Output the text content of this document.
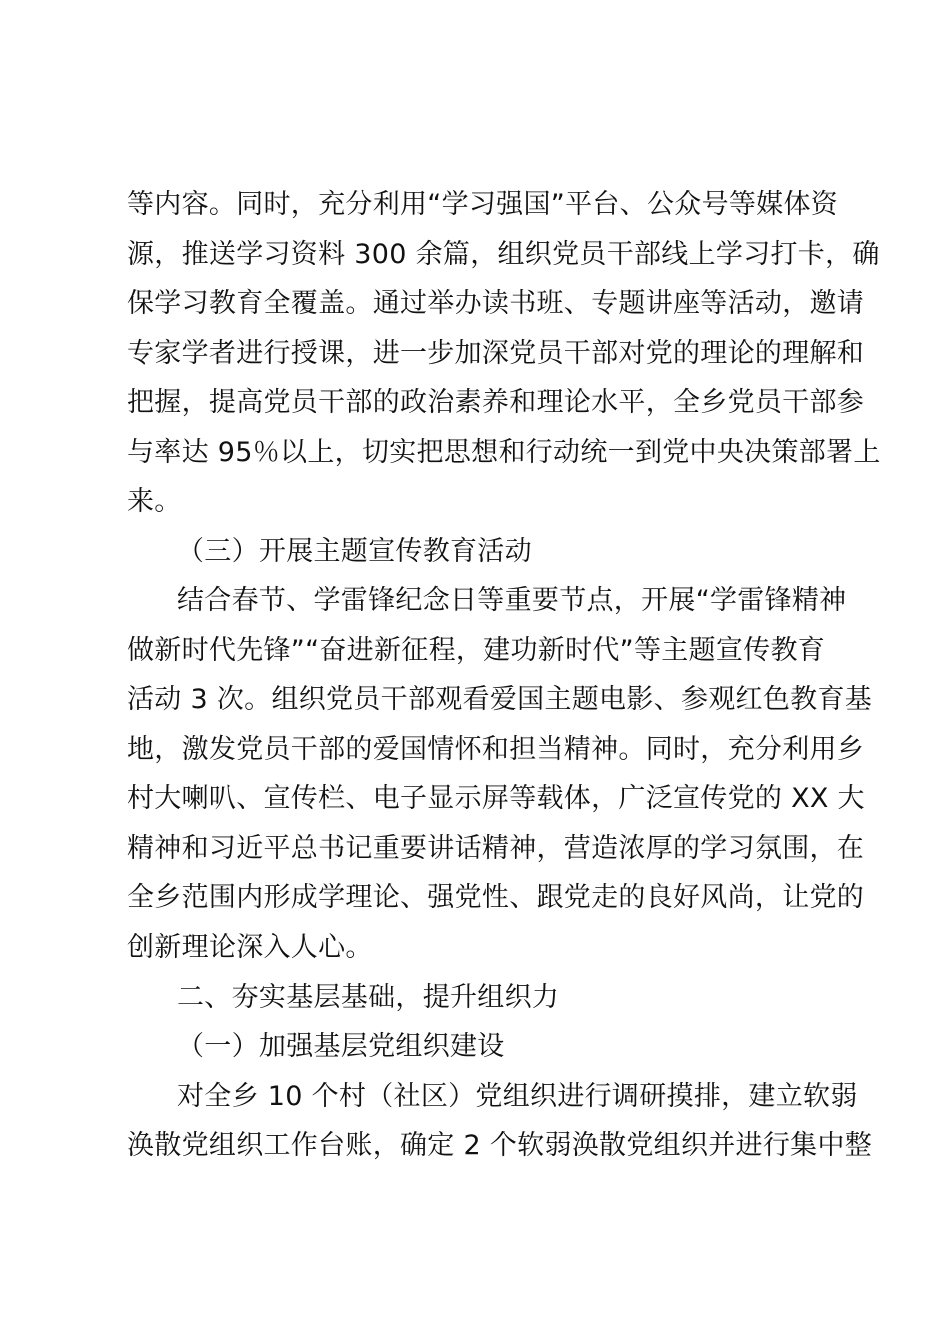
等内容。同时，充分利用“学习强国”平台、公众号等媒体资
源，推送学习资料 300 余篇，组织党员干部线上学习打卡，确
保学习教育全覆盖。通过举办读书班、专题讲座等活动，邀请
专家学者进行授课，进一步加深党员干部对党的理论的理解和
把握，提高党员干部的政治素养和理论水平，全乡党员干部参
与率达 95％以上，切实把思想和行动统一到党中央决策部署上
来。
（三）开展主题宣传教育活动
结合春节、学雷锋纪念日等重要节点，开展“学雷锋精神
做新时代先锋”“奋进新征程，建功新时代”等主题宣传教育
活动 3 次。组织党员干部观看爱国主题电影、参观红色教育基
地，激发党员干部的爱国情怀和担当精神。同时，充分利用乡
村大喇叭、宣传栏、电子显示屏等载体，广泛宣传党的 XX 大
精神和习近平总书记重要讲话精神，营造浓厚的学习氛围，在
全乡范围内形成学理论、强党性、跟党走的良好风尚，让党的
创新理论深入人心。
二、夯实基层基础，提升组织力
（一）加强基层党组织建设
对全乡 10 个村（社区）党组织进行调研摸排，建立软弱
涣散党组织工作台账，确定 2 个软弱涣散党组织并进行集中整
